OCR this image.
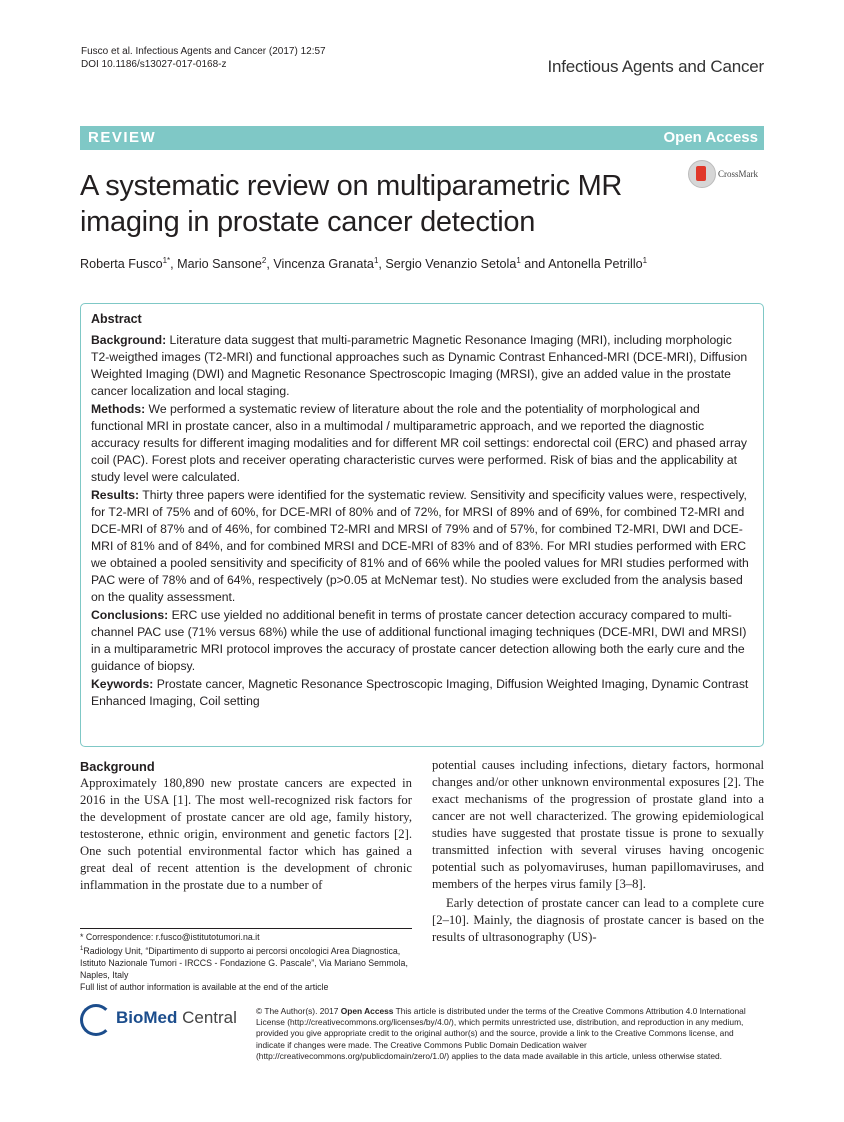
Fusco et al. Infectious Agents and Cancer (2017) 12:57
DOI 10.1186/s13027-017-0168-z	Infectious Agents and Cancer
REVIEW	Open Access
A systematic review on multiparametric MR imaging in prostate cancer detection
CrossMark
Roberta Fusco$^{1*}$, Mario Sansone$^2$, Vincenza Granata$^1$, Sergio Venanzio Setola$^1$ and Antonella Petrillo$^1$
Abstract
Background: Literature data suggest that multi-parametric Magnetic Resonance Imaging (MRI), including morphologic T2-weigthed images (T2-MRI) and functional approaches such as Dynamic Contrast Enhanced-MRI (DCE-MRI), Diffusion Weighted Imaging (DWI) and Magnetic Resonance Spectroscopic Imaging (MRSI), give an added value in the prostate cancer localization and local staging.
Methods: We performed a systematic review of literature about the role and the potentiality of morphological and functional MRI in prostate cancer, also in a multimodal / multiparametric approach, and we reported the diagnostic accuracy results for different imaging modalities and for different MR coil settings: endorectal coil (ERC) and phased array coil (PAC). Forest plots and receiver operating characteristic curves were performed. Risk of bias and the applicability at study level were calculated.
Results: Thirty three papers were identified for the systematic review. Sensitivity and specificity values were, respectively, for T2-MRI of 75% and of 60%, for DCE-MRI of 80% and of 72%, for MRSI of 89% and of 69%, for combined T2-MRI and DCE-MRI of 87% and of 46%, for combined T2-MRI and MRSI of 79% and of 57%, for combined T2-MRI, DWI and DCE-MRI of 81% and of 84%, and for combined MRSI and DCE-MRI of 83% and of 83%. For MRI studies performed with ERC we obtained a pooled sensitivity and specificity of 81% and of 66% while the pooled values for MRI studies performed with PAC were of 78% and of 64%, respectively (p>0.05 at McNemar test). No studies were excluded from the analysis based on the quality assessment.
Conclusions: ERC use yielded no additional benefit in terms of prostate cancer detection accuracy compared to multi-channel PAC use (71% versus 68%) while the use of additional functional imaging techniques (DCE-MRI, DWI and MRSI) in a multiparametric MRI protocol improves the accuracy of prostate cancer detection allowing both the early cure and the guidance of biopsy.
Keywords: Prostate cancer, Magnetic Resonance Spectroscopic Imaging, Diffusion Weighted Imaging, Dynamic Contrast Enhanced Imaging, Coil setting
Background

Approximately 180,890 new prostate cancers are expected in 2016 in the USA [1]. The most well-recognized risk factors for the development of prostate cancer are old age, family history, testosterone, ethnic origin, environment and genetic factors [2]. One such potential environmental factor which has gained a great deal of recent attention is the development of chronic inflammation in the prostate due to a number of

potential causes including infections, dietary factors, hormonal changes and/or other unknown environmental exposures [2]. The exact mechanisms of the progression of prostate gland into a cancer are not well characterized. The growing epidemiological studies have suggested that prostate tissue is prone to sexually transmitted infection with several viruses having oncogenic potential such as polyomaviruses, human papillomaviruses, and members of the herpes virus family [3–8].

Early detection of prostate cancer can lead to a complete cure [2–10]. Mainly, the diagnosis of prostate cancer is based on the results of ultrasonography (US)-

* Correspondence: r.fusco@istitutotumori.na.it
$^1$Radiology Unit, “Dipartimento di supporto ai percorsi oncologici Area Diagnostica, Istituto Nazionale Tumori - IRCCS - Fondazione G. Pascale”, Via Mariano Semmola, Naples, Italy
Full list of author information is available at the end of the article
BioMed Central © The Author(s). 2017 Open Access This article is distributed under the terms of the Creative Commons Attribution 4.0 International License (http://creativecommons.org/licenses/by/4.0/), which permits unrestricted use, distribution, and reproduction in any medium, provided you give appropriate credit to the original author(s) and the source, provide a link to the Creative Commons license, and indicate if changes were made. The Creative Commons Public Domain Dedication waiver (http://creativecommons.org/publicdomain/zero/1.0/) applies to the data made available in this article, unless otherwise stated.
